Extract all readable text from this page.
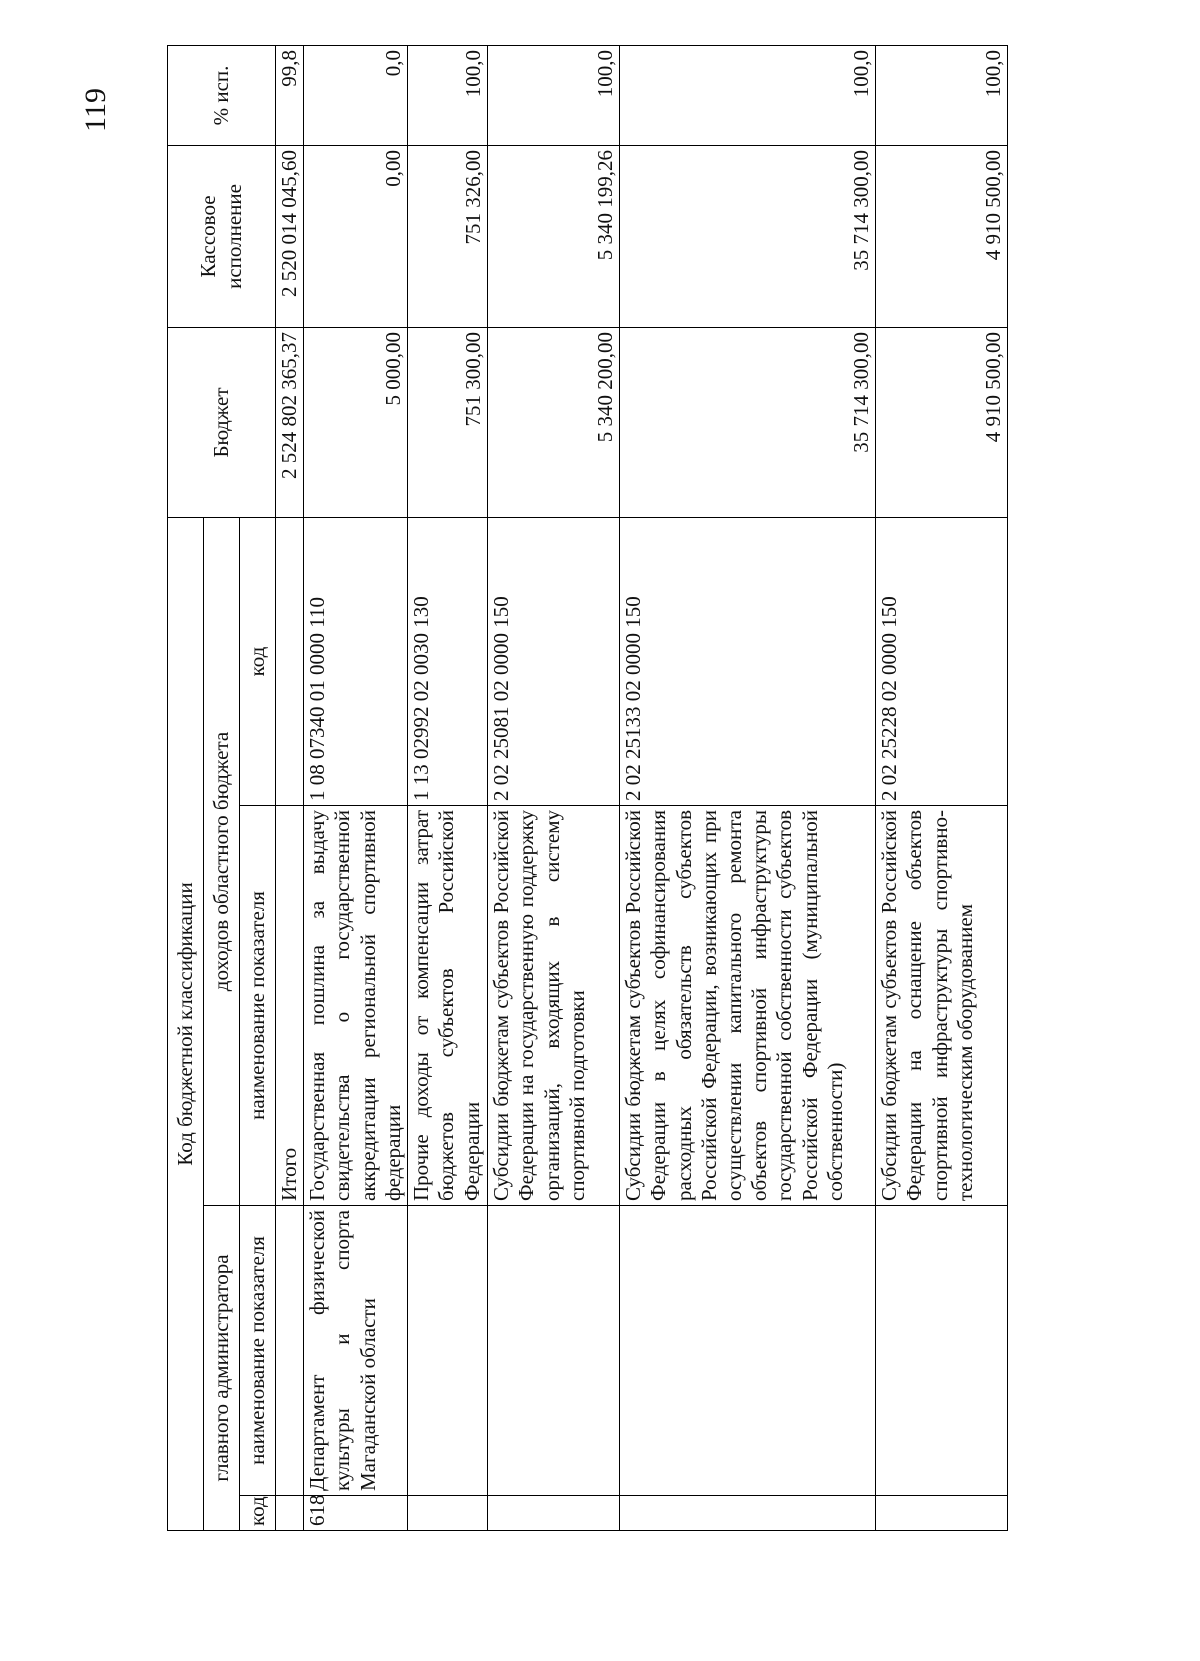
119
Код бюджетной классификации				Бюджет	Кассовое исполнение	% исп.
главного администратора		доходов областного бюджета				
код	наименование показателя	наименование показателя	код			
		Итого		2 524 802 365,37	2 520 014 045,60	99,8
618	Департамент физической культуры и спорта Магаданской области	Государственная пошлина за выдачу свидетельства о государственной аккредитации региональной спортивной федерации	1 08 07340 01 0000 110	5 000,00	0,00	0,0
		Прочие доходы от компенсации затрат бюджетов субъектов Российской Федерации	1 13 02992 02 0030 130	751 300,00	751 326,00	100,0
		Субсидии бюджетам субъектов Российской Федерации на государственную поддержку организаций, входящих в систему спортивной подготовки	2 02 25081 02 0000 150	5 340 200,00	5 340 199,26	100,0
		Субсидии бюджетам субъектов Российской Федерации в целях софинансирования расходных обязательств субъектов Российской Федерации, возникающих при осуществлении капитального ремонта объектов спортивной инфраструктуры государственной собственности субъектов Российской Федерации (муниципальной собственности)	2 02 25133 02 0000 150	35 714 300,00	35 714 300,00	100,0
		Субсидии бюджетам субъектов Российской Федерации на оснащение объектов спортивной инфраструктуры спортивно-технологическим оборудованием	2 02 25228 02 0000 150	4 910 500,00	4 910 500,00	100,0
